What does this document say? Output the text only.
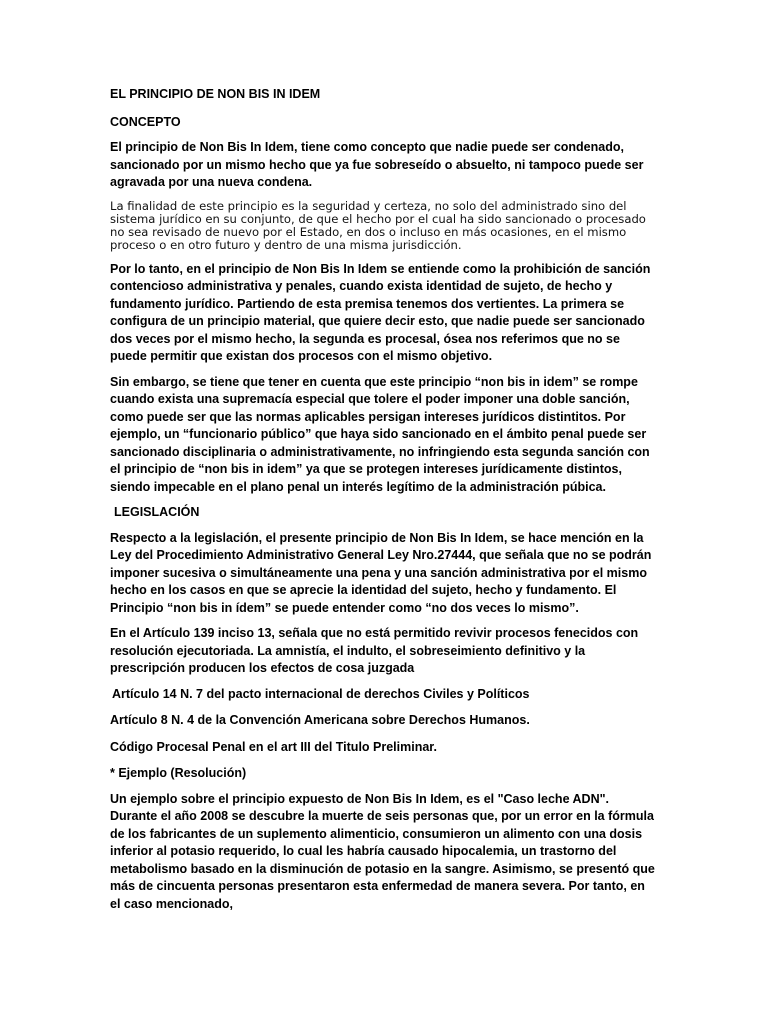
EL PRINCIPIO DE NON BIS IN IDEM
CONCEPTO

El principio de Non Bis In Idem, tiene como concepto que nadie puede ser condenado, sancionado por un mismo hecho que ya fue sobreseído o absuelto, ni tampoco puede ser agravada por una nueva condena.

La finalidad de este principio es la seguridad y certeza, no solo del administrado sino del sistema jurídico en su conjunto, de que el hecho por el cual ha sido sancionado o procesado no sea revisado de nuevo por el Estado, en dos o incluso en más ocasiones, en el mismo proceso o en otro futuro y dentro de una misma jurisdicción.

Por lo tanto, en el principio de Non Bis In Idem se entiende como la prohibición de sanción contencioso administrativa y penales, cuando exista identidad de sujeto, de hecho y fundamento jurídico. Partiendo de esta premisa tenemos dos vertientes. La primera se configura de un principio material, que quiere decir esto, que nadie puede ser sancionado dos veces por el mismo hecho, la segunda es procesal, ósea nos referimos que no se puede permitir que existan dos procesos con el mismo objetivo.

Sin embargo, se tiene que tener en cuenta que este principio “non bis in idem” se rompe cuando exista una supremacía especial que tolere el poder imponer una doble sanción, como puede ser que las normas aplicables persigan intereses jurídicos distintitos. Por ejemplo, un “funcionario público” que haya sido sancionado en el ámbito penal puede ser sancionado disciplinaria o administrativamente, no infringiendo esta segunda sanción con el principio de “non bis in idem” ya que se protegen intereses jurídicamente distintos, siendo impecable en el plano penal un interés legítimo de la administración púbica.

LEGISLACIÓN

Respecto a la legislación, el presente principio de Non Bis In Idem, se hace mención en la Ley del Procedimiento Administrativo General Ley Nro.27444, que señala que no se podrán imponer sucesiva o simultáneamente una pena y una sanción administrativa por el mismo hecho en los casos en que se aprecie la identidad del sujeto, hecho y fundamento. El Principio “non bis in ídem” se puede entender como “no dos veces lo mismo”.

En el Artículo 139 inciso 13, señala que no está permitido revivir procesos fenecidos con resolución ejecutoriada. La amnistía, el indulto, el sobreseimiento definitivo y la prescripción producen los efectos de cosa juzgada

Artículo 14 N. 7 del pacto internacional de derechos Civiles y Políticos
Artículo 8 N. 4 de la Convención Americana sobre Derechos Humanos.
Código Procesal Penal en el art III del Titulo Preliminar.
* Ejemplo (Resolución)

Un ejemplo sobre el principio expuesto de Non Bis In Idem, es el "Caso leche ADN". Durante el año 2008 se descubre la muerte de seis personas que, por un error en la fórmula de los fabricantes de un suplemento alimenticio, consumieron un alimento con una dosis inferior al potasio requerido, lo cual les habría causado hipocalemia, un trastorno del metabolismo basado en la disminución de potasio en la sangre. Asimismo, se presentó que más de cincuenta personas presentaron esta enfermedad de manera severa. Por tanto, en el caso mencionado,
